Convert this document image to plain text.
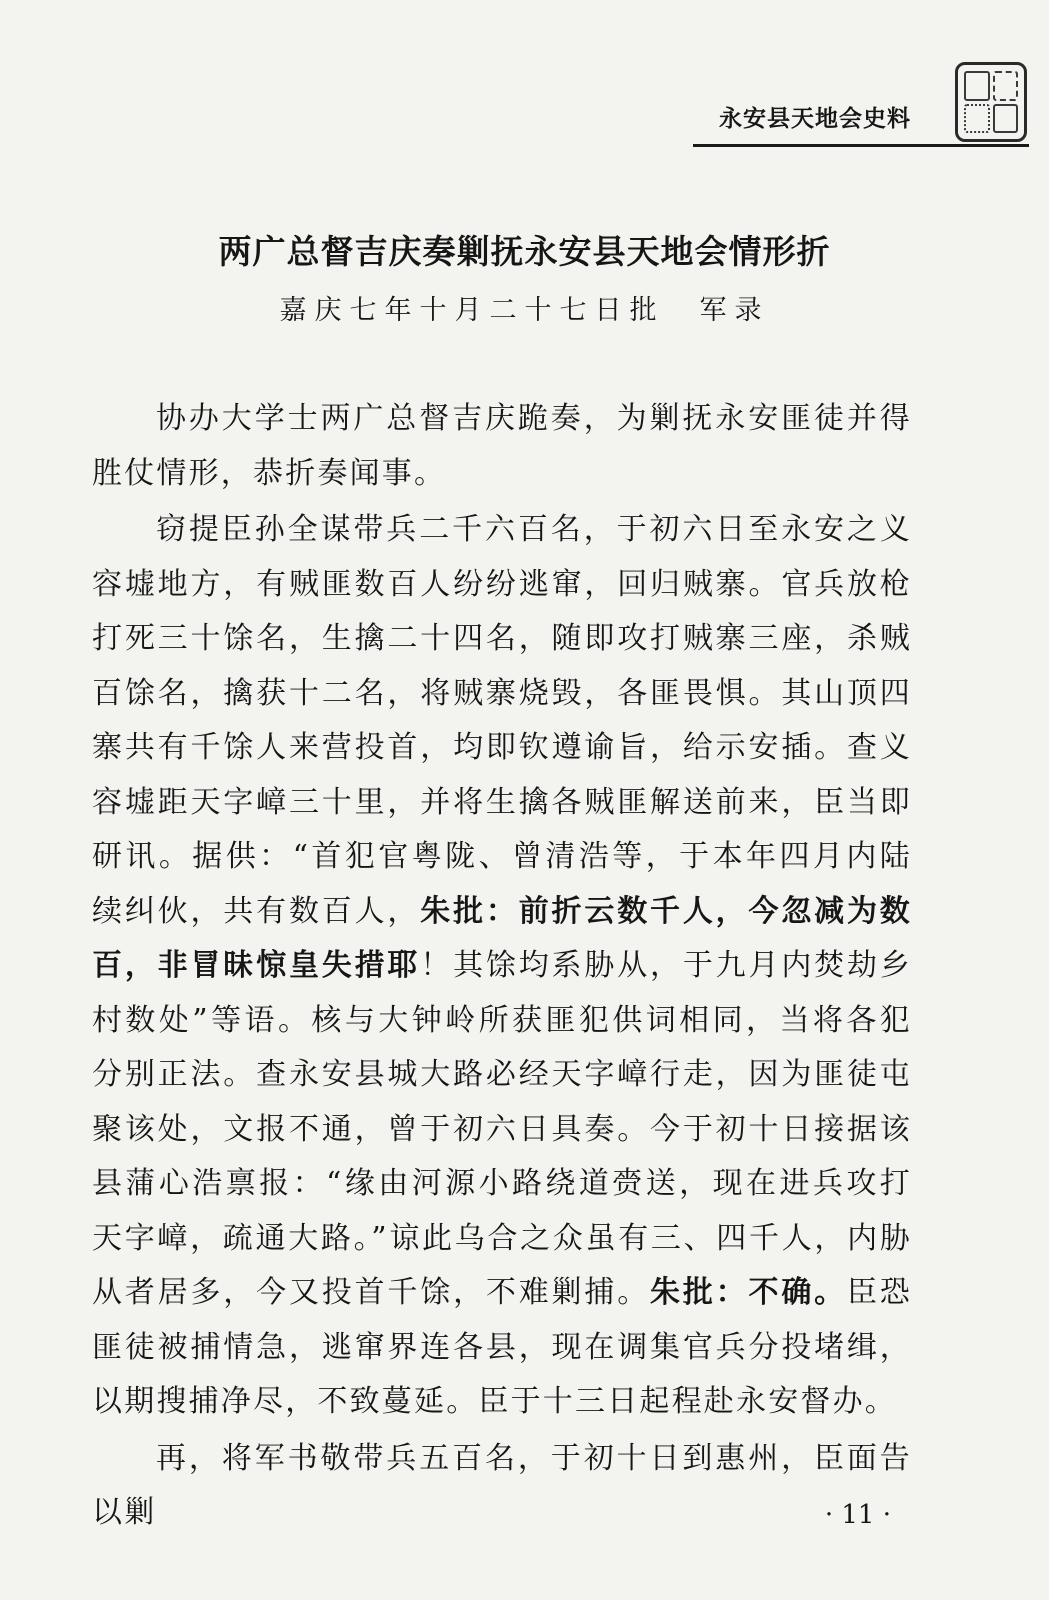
永安县天地会史料
两广总督吉庆奏剿抚永安县天地会情形折
嘉庆七年十月二十七日批　军录

协办大学士两广总督吉庆跪奏，为剿抚永安匪徒并得胜仗情形，恭折奏闻事。

窃提臣孙全谋带兵二千六百名，于初六日至永安之义容墟地方，有贼匪数百人纷纷逃窜，回归贼寨。官兵放枪打死三十馀名，生擒二十四名，随即攻打贼寨三座，杀贼百馀名，擒获十二名，将贼寨烧毁，各匪畏惧。其山顶四寨共有千馀人来营投首，均即钦遵谕旨，给示安插。查义容墟距天字嶂三十里，并将生擒各贼匪解送前来，臣当即研讯。据供：“首犯官粤陇、曾清浩等，于本年四月内陆续纠伙，共有数百人，朱批：前折云数千人，今忽减为数百，非冒昧惊皇失措耶！其馀均系胁从，于九月内焚劫乡村数处”等语。核与大钟岭所获匪犯供词相同，当将各犯分别正法。查永安县城大路必经天字嶂行走，因为匪徒屯聚该处，文报不通，曾于初六日具奏。今于初十日接据该县蒲心浩禀报：“缘由河源小路绕道赍送，现在进兵攻打天字嶂，疏通大路。”谅此乌合之众虽有三、四千人，内胁从者居多，今又投首千馀，不难剿捕。朱批：不确。臣恐匪徒被捕情急，逃窜界连各县，现在调集官兵分投堵缉，以期搜捕净尽，不致蔓延。臣于十三日起程赴永安督办。

再，将军书敬带兵五百名，于初十日到惠州，臣面告以剿	· 11 ·
